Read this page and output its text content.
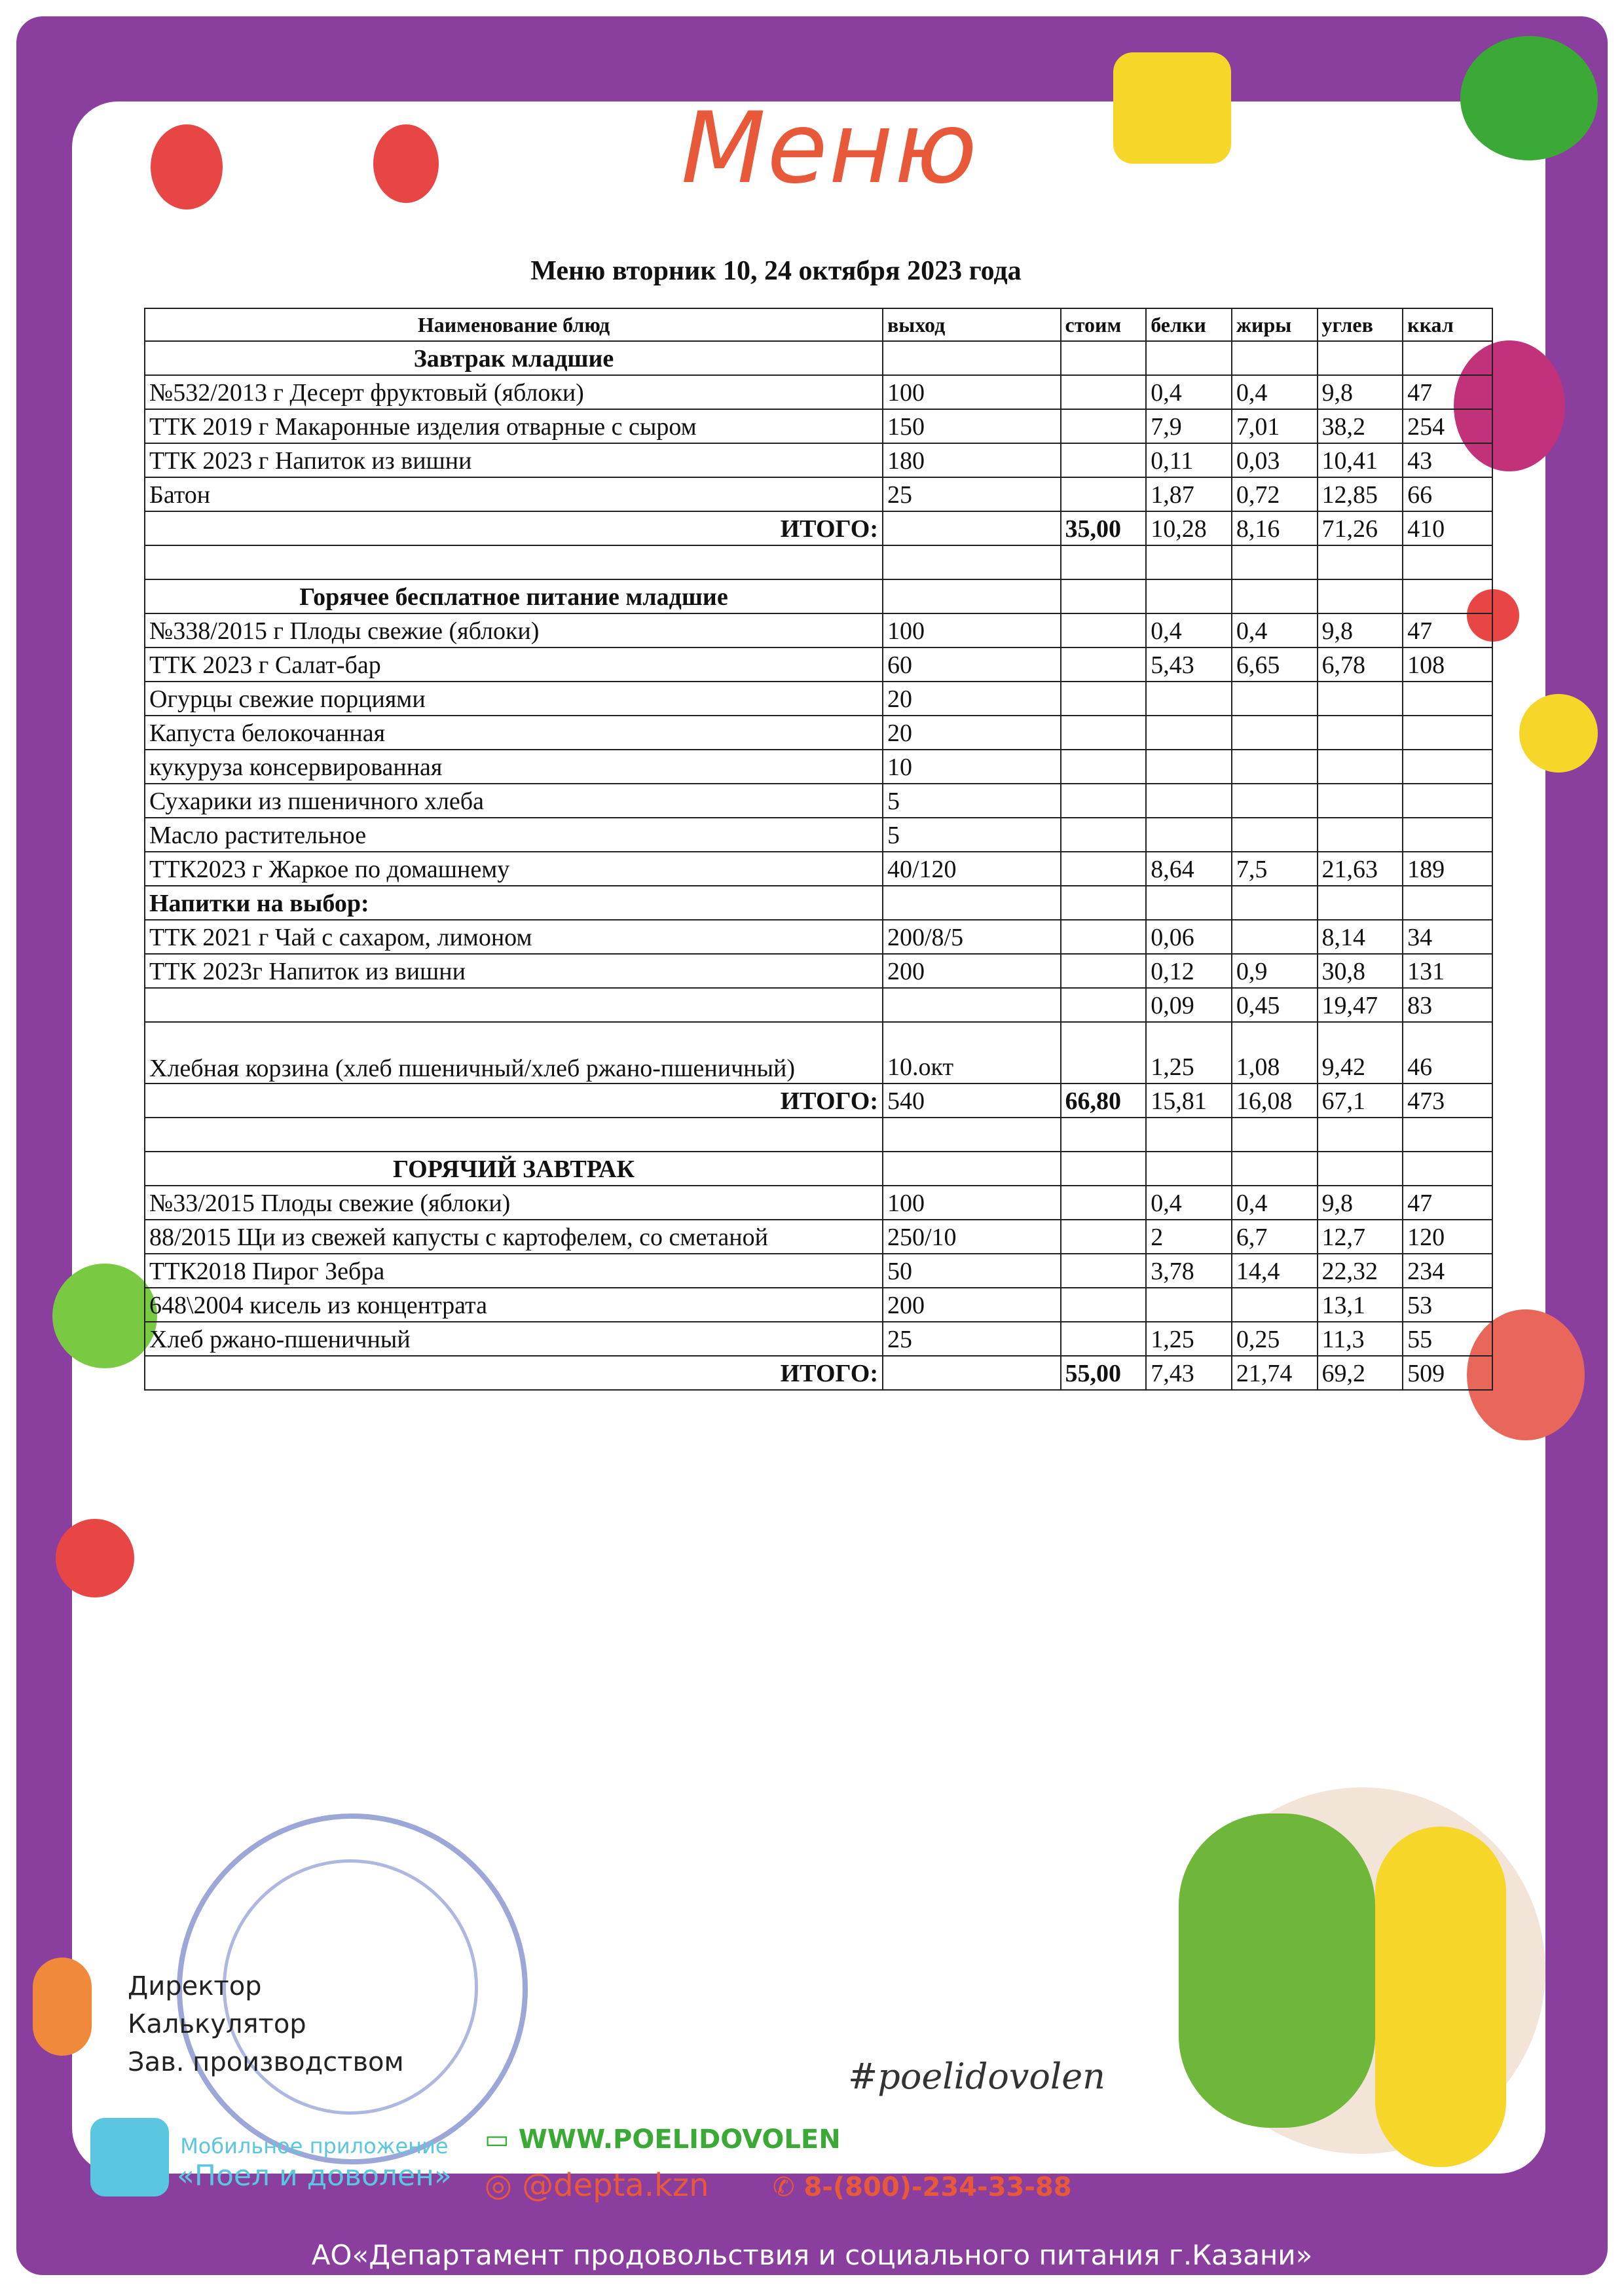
Меню
Меню вторник 10, 24 октября 2023 года
Наименование блюд	выход	стоим	белки	жиры	углев	ккал
Завтрак младшие						
№532/2013 г Десерт фруктовый (яблоки)	100		0,4	0,4	9,8	47
ТТК 2019 г Макаронные изделия отварные с сыром	150		7,9	7,01	38,2	254
ТТК 2023 г Напиток из вишни	180		0,11	0,03	10,41	43
Батон	25		1,87	0,72	12,85	66
ИТОГО:		35,00	10,28	8,16	71,26	410

Горячее бесплатное питание младшие						
№338/2015 г Плоды свежие (яблоки)	100		0,4	0,4	9,8	47
ТТК 2023 г Салат-бар	60		5,43	6,65	6,78	108
Огурцы свежие порциями	20					
Капуста белокочанная	20					
кукуруза консервированная	10					
Сухарики из пшеничного хлеба	5					
Масло растительное	5					
ТТК2023 г Жаркое по домашнему	40/120		8,64	7,5	21,63	189
Напитки на выбор:						
ТТК 2021 г Чай с сахаром, лимоном	200/8/5		0,06		8,14	34
ТТК 2023г Напиток из вишни	200		0,12	0,9	30,8	131
			0,09	0,45	19,47	83
Хлебная корзина (хлеб пшеничный/хлеб ржано-пшеничный)	10.окт		1,25	1,08	9,42	46
ИТОГО:	540	66,80	15,81	16,08	67,1	473

ГОРЯЧИЙ ЗАВТРАК						
№33/2015 Плоды свежие (яблоки)	100		0,4	0,4	9,8	47
88/2015 Щи из свежей капусты с картофелем, со сметаной	250/10		2	6,7	12,7	120
ТТК2018 Пирог Зебра	50		3,78	14,4	22,32	234
648\2004 кисель из концентрата	200				13,1	53
Хлеб ржано-пшеничный	25		1,25	0,25	11,3	55
ИТОГО:		55,00	7,43	21,74	69,2	509
Директор
Калькулятор
Зав. производством	#poelidovolen
Мобильное приложение
«Поел и доволен»
▭ WWW.POELIDOVOLEN
◎ @depta.kzn ✆ 8-(800)-234-33-88
АО«Департамент продовольствия и социального питания г.Казани»
